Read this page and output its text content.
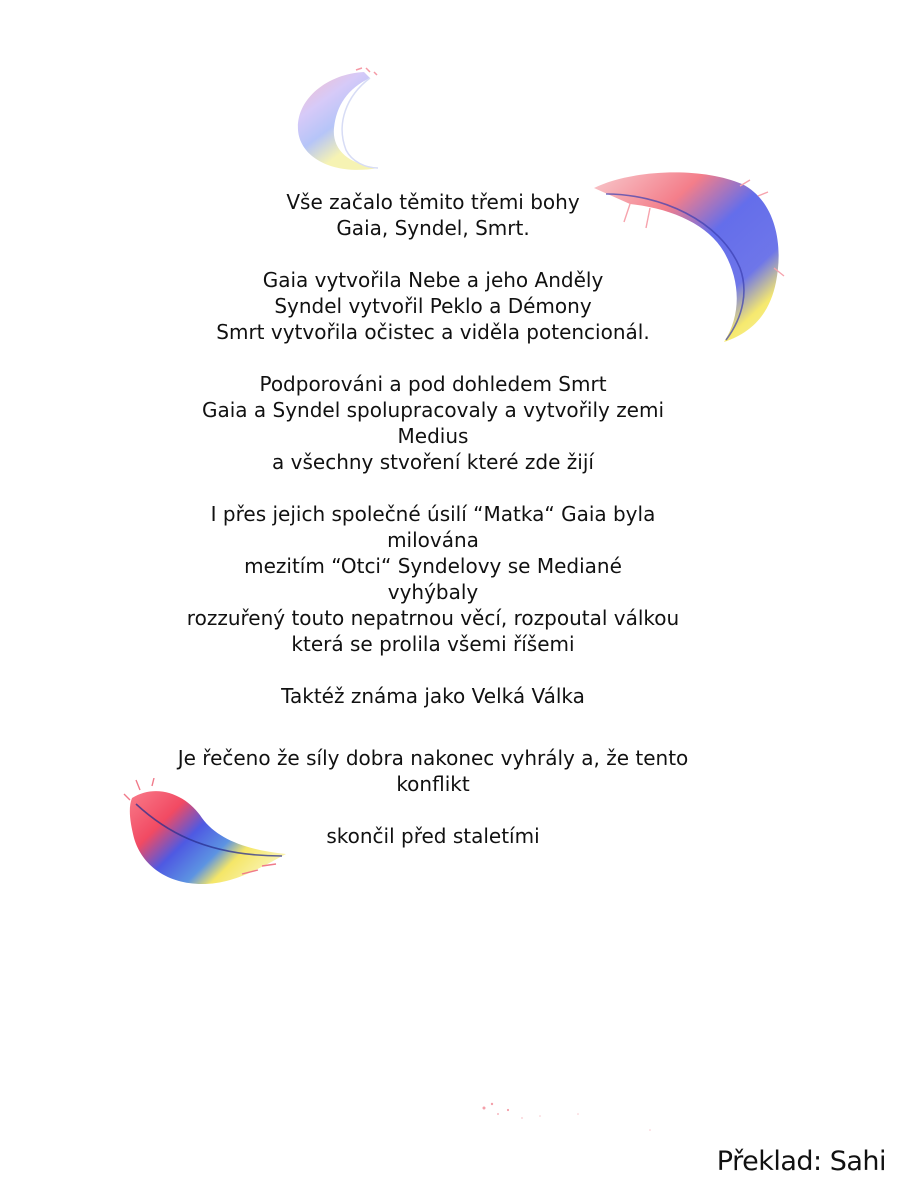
Vše začalo těmito třemi bohy
Gaia, Syndel, Smrt.
Gaia vytvořila Nebe a jeho Anděly
Syndel vytvořil Peklo a Démony
Smrt vytvořila očistec a viděla potencionál.
Podporováni a pod dohledem Smrt
Gaia a Syndel spolupracovaly a vytvořily zemi
Medius
a všechny stvoření které zde žijí
I přes jejich společné úsilí “Matka“ Gaia byla
milována
mezitím “Otci“ Syndelovy se Mediané
vyhýbaly
rozzuřený touto nepatrnou věcí, rozpoutal válkou
která se prolila všemi říšemi
Taktéž známa jako Velká Válka
Je řečeno že síly dobra nakonec vyhrály a, že tento
konflikt
skončil před staletími
Překlad: Sahi
